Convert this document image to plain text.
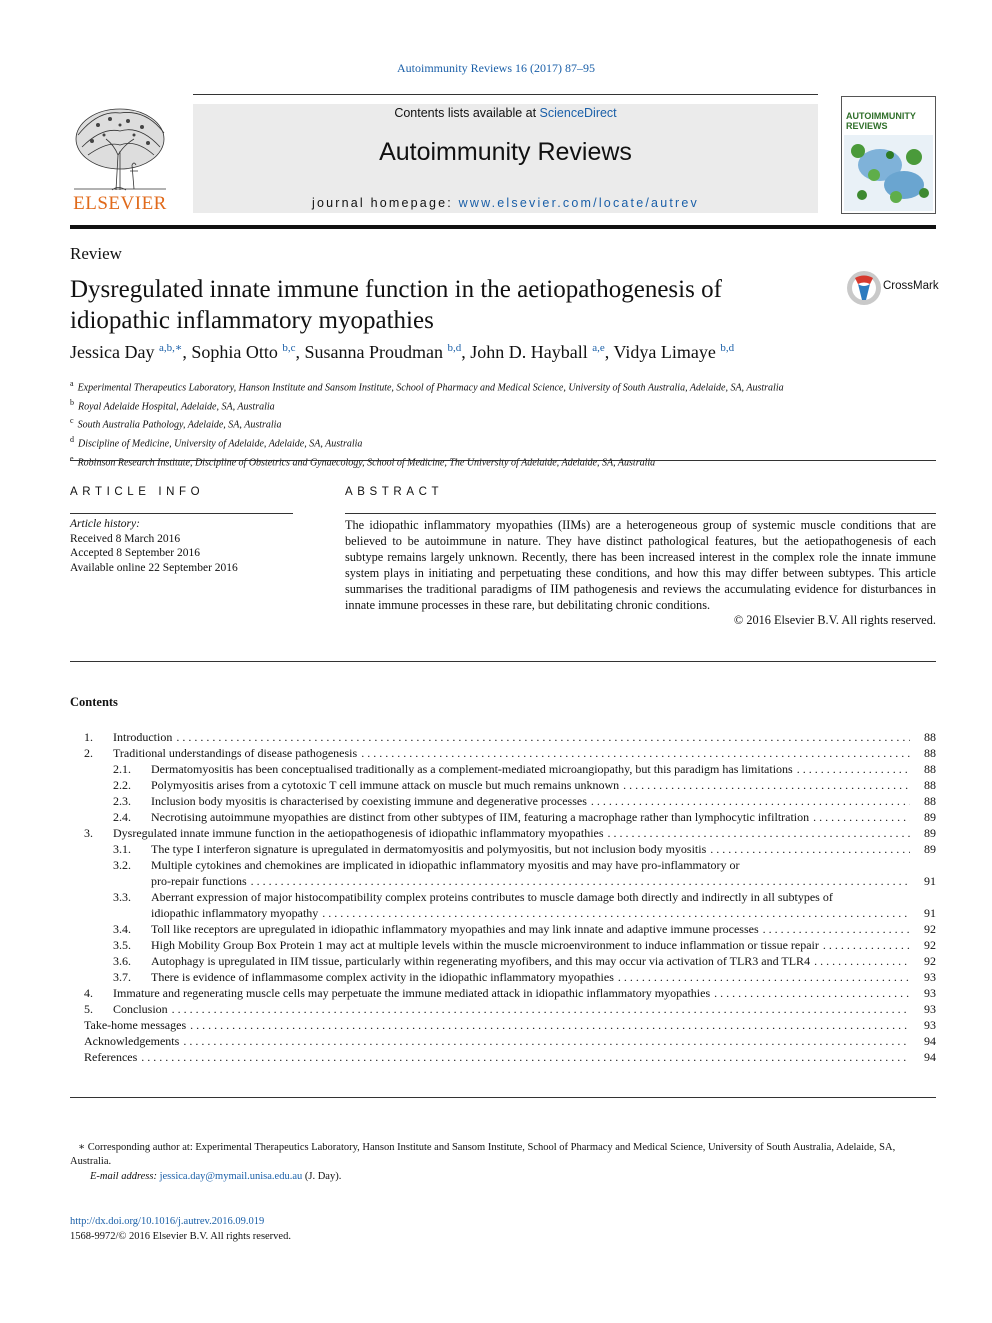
Autoimmunity Reviews 16 (2017) 87–95
Contents lists available at ScienceDirect
Autoimmunity Reviews
journal homepage: www.elsevier.com/locate/autrev
ELSEVIER
AUTOIMMUNITY
REVIEWS
Review
Dysregulated innate immune function in the aetiopathogenesis of idiopathic inflammatory myopathies
CrossMark
Jessica Day $^{a,b,∗}$, Sophia Otto $^{b,c}$, Susanna Proudman $^{b,d}$, John D. Hayball $^{a,e}$, Vidya Limaye $^{b,d}$
$^a$ Experimental Therapeutics Laboratory, Hanson Institute and Sansom Institute, School of Pharmacy and Medical Science, University of South Australia, Adelaide, SA, Australia
$^b$ Royal Adelaide Hospital, Adelaide, SA, Australia
$^c$ South Australia Pathology, Adelaide, SA, Australia
$^d$ Discipline of Medicine, University of Adelaide, Adelaide, SA, Australia
$^e$ Robinson Research Institute, Discipline of Obstetrics and Gynaecology, School of Medicine, The University of Adelaide, Adelaide, SA, Australia
ARTICLE INFO
Article history:
Received 8 March 2016
Accepted 8 September 2016
Available online 22 September 2016
ABSTRACT
The idiopathic inflammatory myopathies (IIMs) are a heterogeneous group of systemic muscle conditions that are believed to be autoimmune in nature. They have distinct pathological features, but the aetiopathogenesis of each subtype remains largely unknown. Recently, there has been increased interest in the complex role the innate immune system plays in initiating and perpetuating these conditions, and how this may differ between subtypes. This article summarises the traditional paradigms of IIM pathogenesis and reviews the accumulating evidence for disturbances in innate immune processes in these rare, but debilitating chronic conditions.
© 2016 Elsevier B.V. All rights reserved.
Contents
1. Introduction . . .	88
2. Traditional understandings of disease pathogenesis . . .	88
2.1. Dermatomyositis has been conceptualised traditionally as a complement-mediated microangiopathy, but this paradigm has limitations . . .	88
2.2. Polymyositis arises from a cytotoxic T cell immune attack on muscle but much remains unknown . . .	88
2.3. Inclusion body myositis is characterised by coexisting immune and degenerative processes . . .	88
2.4. Necrotising autoimmune myopathies are distinct from other subtypes of IIM, featuring a macrophage rather than lymphocytic infiltration . . .	89
3. Dysregulated innate immune function in the aetiopathogenesis of idiopathic inflammatory myopathies . . .	89
3.1. The type I interferon signature is upregulated in dermatomyositis and polymyositis, but not inclusion body myositis . . .	89
3.2. Multiple cytokines and chemokines are implicated in idiopathic inflammatory myositis and may have pro-inflammatory or
pro-repair functions . . .	91
3.3. Aberrant expression of major histocompatibility complex proteins contributes to muscle damage both directly and indirectly in all subtypes of
idiopathic inflammatory myopathy . . .	91
3.4. Toll like receptors are upregulated in idiopathic inflammatory myopathies and may link innate and adaptive immune processes . . .	92
3.5. High Mobility Group Box Protein 1 may act at multiple levels within the muscle microenvironment to induce inflammation or tissue repair . . .	92
3.6. Autophagy is upregulated in IIM tissue, particularly within regenerating myofibers, and this may occur via activation of TLR3 and TLR4 . . .	92
3.7. There is evidence of inflammasome complex activity in the idiopathic inflammatory myopathies . . .	93
4. Immature and regenerating muscle cells may perpetuate the immune mediated attack in idiopathic inflammatory myopathies . . .	93
5. Conclusion . . .	93
Take-home messages . . .	93
Acknowledgements . . .	94
References . . .	94
∗ Corresponding author at: Experimental Therapeutics Laboratory, Hanson Institute and Sansom Institute, School of Pharmacy and Medical Science, University of South Australia, Adelaide, SA, Australia.
E-mail address: jessica.day@mymail.unisa.edu.au (J. Day).
http://dx.doi.org/10.1016/j.autrev.2016.09.019
1568-9972/© 2016 Elsevier B.V. All rights reserved.
